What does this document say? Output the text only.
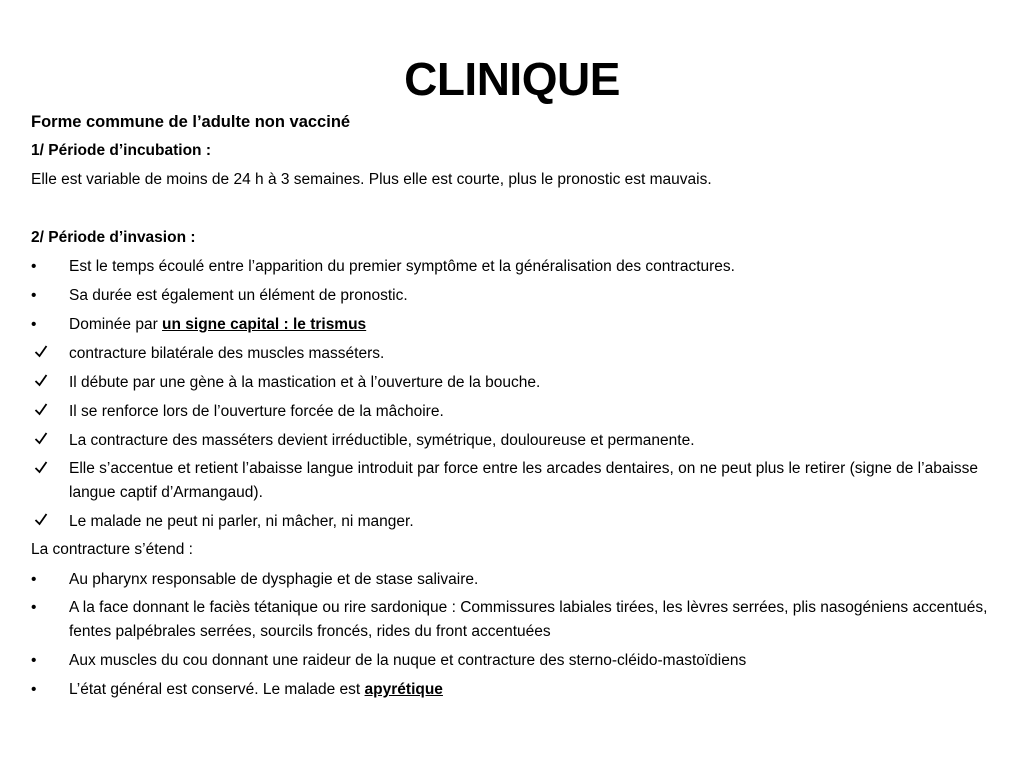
CLINIQUE
Forme commune de l’adulte non vacciné
1/ Période d’incubation :
Elle est variable de moins de 24 h à 3 semaines. Plus elle est courte, plus le pronostic est mauvais.
2/ Période d’invasion :
•	Est le temps écoulé entre l’apparition du premier symptôme et la généralisation des contractures.
•	Sa durée est également un élément de pronostic.
•	Dominée par un signe capital : le trismus
contracture bilatérale des muscles masséters.
Il débute par une gène à la mastication et à l’ouverture de la bouche.
Il se renforce lors de l’ouverture forcée de la mâchoire.
La contracture des masséters devient irréductible, symétrique, douloureuse et permanente.
Elle s’accentue et retient l’abaisse langue introduit par force entre les arcades dentaires, on ne peut plus le retirer (signe de l’abaisse langue captif d’Armangaud).
Le malade ne peut ni parler, ni mâcher, ni manger.
La contracture s’étend :
•	Au pharynx responsable de dysphagie et de stase salivaire.
•	A la face donnant le faciès tétanique ou rire sardonique : Commissures labiales tirées, les lèvres serrées, plis nasogéniens accentués, fentes palpébrales serrées, sourcils froncés, rides du front accentuées
•	Aux muscles du cou donnant une raideur de la nuque et contracture des sterno-cléido-mastoïdiens
•	L’état général est conservé. Le malade est apyrétique
